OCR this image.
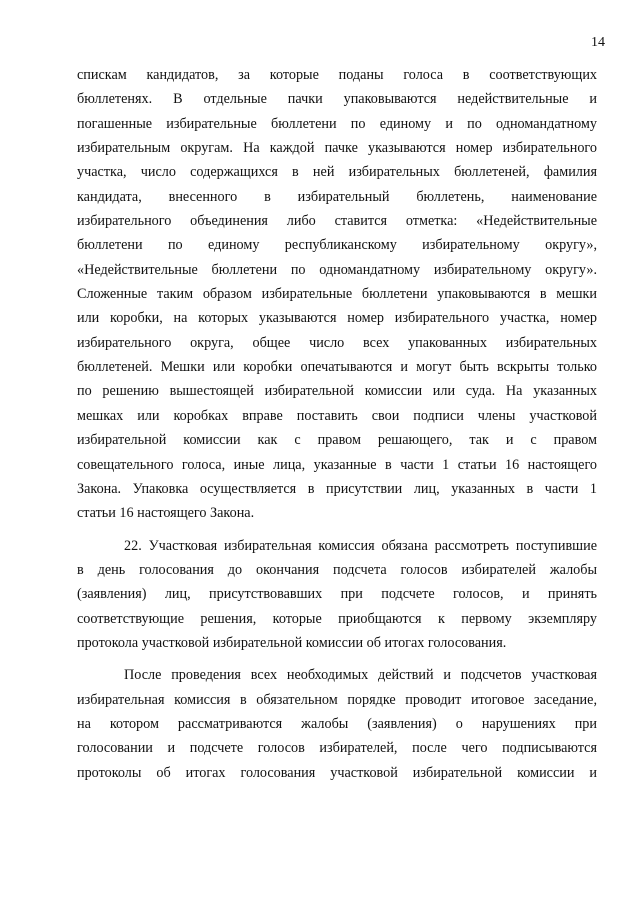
14
спискам кандидатов, за которые поданы голоса в соответствующих
бюллетенях. В отдельные пачки упаковываются недействительные и
погашенные избирательные бюллетени по единому и по одномандатному
избирательным округам. На каждой пачке указываются номер избирательного
участка, число содержащихся в ней избирательных бюллетеней, фамилия
кандидата, внесенного в избирательный бюллетень, наименование
избирательного объединения либо ставится отметка: «Недействительные
бюллетени по единому республиканскому избирательному округу»,
«Недействительные бюллетени по одномандатному избирательному округу».
Сложенные таким образом избирательные бюллетени упаковываются в мешки
или коробки, на которых указываются номер избирательного участка, номер
избирательного округа, общее число всех упакованных избирательных
бюллетеней. Мешки или коробки опечатываются и могут быть вскрыты только
по решению вышестоящей избирательной комиссии или суда. На указанных
мешках или коробках вправе поставить свои подписи члены участковой
избирательной комиссии как с правом решающего, так и с правом
совещательного голоса, иные лица, указанные в части 1 статьи 16 настоящего
Закона. Упаковка осуществляется в присутствии лиц, указанных в части 1
статьи 16 настоящего Закона.
22. Участковая избирательная комиссия обязана рассмотреть поступившие
в день голосования до окончания подсчета голосов избирателей жалобы
(заявления) лиц, присутствовавших при подсчете голосов, и принять
соответствующие решения, которые приобщаются к первому экземпляру
протокола участковой избирательной комиссии об итогах голосования.
После проведения всех необходимых действий и подсчетов участковая
избирательная комиссия в обязательном порядке проводит итоговое заседание,
на котором рассматриваются жалобы (заявления) о нарушениях при
голосовании и подсчете голосов избирателей, после чего подписываются
протоколы об итогах голосования участковой избирательной комиссии и
